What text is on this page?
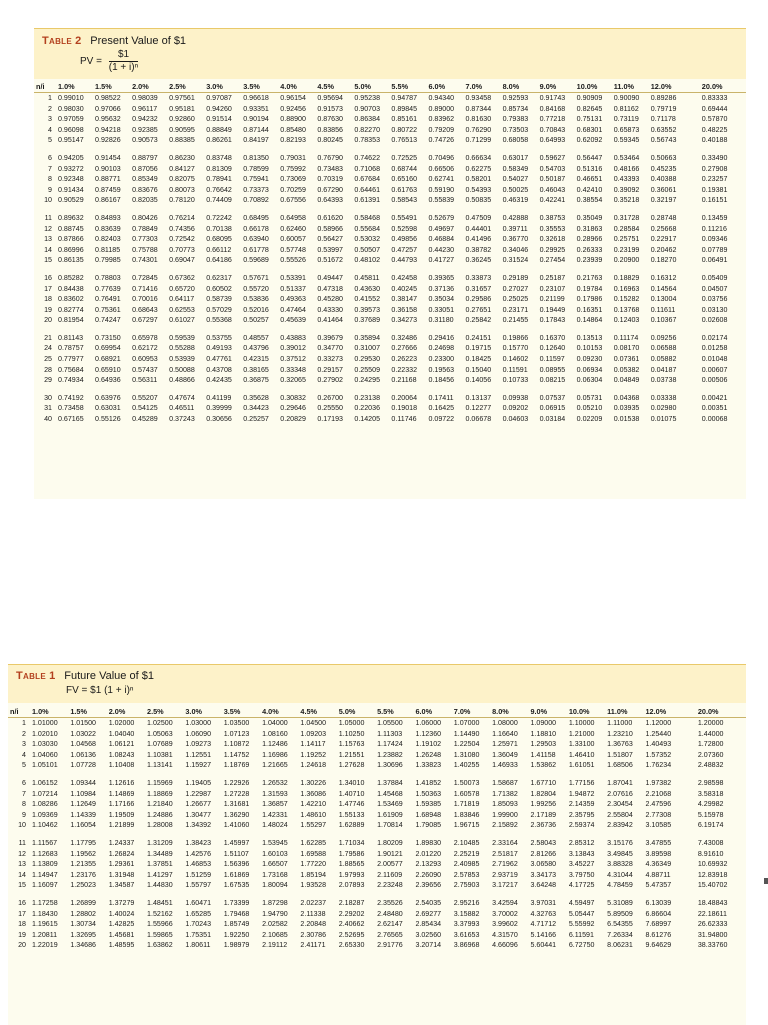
Table 2 Present Value of $1
PV = $\frac{\$1}{\text{(1 + i)ⁿ}}$
n/i	1.0%	1.5%	2.0%	2.5%	3.0%	3.5%	4.0%	4.5%	5.0%	5.5%	6.0%	7.0%	8.0%	9.0%	10.0%	11.0%	12.0%	20.0%
1	0.99010	0.98522	0.98039	0.97561	0.97087	0.96618	0.96154	0.95694	0.95238	0.94787	0.94340	0.93458	0.92593	0.91743	0.90909	0.90090	0.89286	0.83333
2	0.98030	0.97066	0.96117	0.95181	0.94260	0.93351	0.92456	0.91573	0.90703	0.89845	0.89000	0.87344	0.85734	0.84168	0.82645	0.81162	0.79719	0.69444
3	0.97059	0.95632	0.94232	0.92860	0.91514	0.90194	0.88900	0.87630	0.86384	0.85161	0.83962	0.81630	0.79383	0.77218	0.75131	0.73119	0.71178	0.57870
4	0.96098	0.94218	0.92385	0.90595	0.88849	0.87144	0.85480	0.83856	0.82270	0.80722	0.79209	0.76290	0.73503	0.70843	0.68301	0.65873	0.63552	0.48225
5	0.95147	0.92826	0.90573	0.88385	0.86261	0.84197	0.82193	0.80245	0.78353	0.76513	0.74726	0.71299	0.68058	0.64993	0.62092	0.59345	0.56743	0.40188

6	0.94205	0.91454	0.88797	0.86230	0.83748	0.81350	0.79031	0.76790	0.74622	0.72525	0.70496	0.66634	0.63017	0.59627	0.56447	0.53464	0.50663	0.33490
7	0.93272	0.90103	0.87056	0.84127	0.81309	0.78599	0.75992	0.73483	0.71068	0.68744	0.66506	0.62275	0.58349	0.54703	0.51316	0.48166	0.45235	0.27908
8	0.92348	0.88771	0.85349	0.82075	0.78941	0.75941	0.73069	0.70319	0.67684	0.65160	0.62741	0.58201	0.54027	0.50187	0.46651	0.43393	0.40388	0.23257
9	0.91434	0.87459	0.83676	0.80073	0.76642	0.73373	0.70259	0.67290	0.64461	0.61763	0.59190	0.54393	0.50025	0.46043	0.42410	0.39092	0.36061	0.19381
10	0.90529	0.86167	0.82035	0.78120	0.74409	0.70892	0.67556	0.64393	0.61391	0.58543	0.55839	0.50835	0.46319	0.42241	0.38554	0.35218	0.32197	0.16151

11	0.89632	0.84893	0.80426	0.76214	0.72242	0.68495	0.64958	0.61620	0.58468	0.55491	0.52679	0.47509	0.42888	0.38753	0.35049	0.31728	0.28748	0.13459
12	0.88745	0.83639	0.78849	0.74356	0.70138	0.66178	0.62460	0.58966	0.55684	0.52598	0.49697	0.44401	0.39711	0.35553	0.31863	0.28584	0.25668	0.11216
13	0.87866	0.82403	0.77303	0.72542	0.68095	0.63940	0.60057	0.56427	0.53032	0.49856	0.46884	0.41496	0.36770	0.32618	0.28966	0.25751	0.22917	0.09346
14	0.86996	0.81185	0.75788	0.70773	0.66112	0.61778	0.57748	0.53997	0.50507	0.47257	0.44230	0.38782	0.34046	0.29925	0.26333	0.23199	0.20462	0.07789
15	0.86135	0.79985	0.74301	0.69047	0.64186	0.59689	0.55526	0.51672	0.48102	0.44793	0.41727	0.36245	0.31524	0.27454	0.23939	0.20900	0.18270	0.06491

16	0.85282	0.78803	0.72845	0.67362	0.62317	0.57671	0.53391	0.49447	0.45811	0.42458	0.39365	0.33873	0.29189	0.25187	0.21763	0.18829	0.16312	0.05409
17	0.84438	0.77639	0.71416	0.65720	0.60502	0.55720	0.51337	0.47318	0.43630	0.40245	0.37136	0.31657	0.27027	0.23107	0.19784	0.16963	0.14564	0.04507
18	0.83602	0.76491	0.70016	0.64117	0.58739	0.53836	0.49363	0.45280	0.41552	0.38147	0.35034	0.29586	0.25025	0.21199	0.17986	0.15282	0.13004	0.03756
19	0.82774	0.75361	0.68643	0.62553	0.57029	0.52016	0.47464	0.43330	0.39573	0.36158	0.33051	0.27651	0.23171	0.19449	0.16351	0.13768	0.11611	0.03130
20	0.81954	0.74247	0.67297	0.61027	0.55368	0.50257	0.45639	0.41464	0.37689	0.34273	0.31180	0.25842	0.21455	0.17843	0.14864	0.12403	0.10367	0.02608

21	0.81143	0.73150	0.65978	0.59539	0.53755	0.48557	0.43883	0.39679	0.35894	0.32486	0.29416	0.24151	0.19866	0.16370	0.13513	0.11174	0.09256	0.02174
24	0.78757	0.69954	0.62172	0.55288	0.49193	0.43796	0.39012	0.34770	0.31007	0.27666	0.24698	0.19715	0.15770	0.12640	0.10153	0.08170	0.06588	0.01258
25	0.77977	0.68921	0.60953	0.53939	0.47761	0.42315	0.37512	0.33273	0.29530	0.26223	0.23300	0.18425	0.14602	0.11597	0.09230	0.07361	0.05882	0.01048
28	0.75684	0.65910	0.57437	0.50088	0.43708	0.38165	0.33348	0.29157	0.25509	0.22332	0.19563	0.15040	0.11591	0.08955	0.06934	0.05382	0.04187	0.00607
29	0.74934	0.64936	0.56311	0.48866	0.42435	0.36875	0.32065	0.27902	0.24295	0.21168	0.18456	0.14056	0.10733	0.08215	0.06304	0.04849	0.03738	0.00506

30	0.74192	0.63976	0.55207	0.47674	0.41199	0.35628	0.30832	0.26700	0.23138	0.20064	0.17411	0.13137	0.09938	0.07537	0.05731	0.04368	0.03338	0.00421
31	0.73458	0.63031	0.54125	0.46511	0.39999	0.34423	0.29646	0.25550	0.22036	0.19018	0.16425	0.12277	0.09202	0.06915	0.05210	0.03935	0.02980	0.00351
40	0.67165	0.55126	0.45289	0.37243	0.30656	0.25257	0.20829	0.17193	0.14205	0.11746	0.09722	0.06678	0.04603	0.03184	0.02209	0.01538	0.01075	0.00068
Table 1 Future Value of $1
FV = $1 (1 + i)ⁿ
n/i	1.0%	1.5%	2.0%	2.5%	3.0%	3.5%	4.0%	4.5%	5.0%	5.5%	6.0%	7.0%	8.0%	9.0%	10.0%	11.0%	12.0%	20.0%
1	1.01000	1.01500	1.02000	1.02500	1.03000	1.03500	1.04000	1.04500	1.05000	1.05500	1.06000	1.07000	1.08000	1.09000	1.10000	1.11000	1.12000	1.20000
2	1.02010	1.03022	1.04040	1.05063	1.06090	1.07123	1.08160	1.09203	1.10250	1.11303	1.12360	1.14490	1.16640	1.18810	1.21000	1.23210	1.25440	1.44000
3	1.03030	1.04568	1.06121	1.07689	1.09273	1.10872	1.12486	1.14117	1.15763	1.17424	1.19102	1.22504	1.25971	1.29503	1.33100	1.36763	1.40493	1.72800
4	1.04060	1.06136	1.08243	1.10381	1.12551	1.14752	1.16986	1.19252	1.21551	1.23882	1.26248	1.31080	1.36049	1.41158	1.46410	1.51807	1.57352	2.07360
5	1.05101	1.07728	1.10408	1.13141	1.15927	1.18769	1.21665	1.24618	1.27628	1.30696	1.33823	1.40255	1.46933	1.53862	1.61051	1.68506	1.76234	2.48832

6	1.06152	1.09344	1.12616	1.15969	1.19405	1.22926	1.26532	1.30226	1.34010	1.37884	1.41852	1.50073	1.58687	1.67710	1.77156	1.87041	1.97382	2.98598
7	1.07214	1.10984	1.14869	1.18869	1.22987	1.27228	1.31593	1.36086	1.40710	1.45468	1.50363	1.60578	1.71382	1.82804	1.94872	2.07616	2.21068	3.58318
8	1.08286	1.12649	1.17166	1.21840	1.26677	1.31681	1.36857	1.42210	1.47746	1.53469	1.59385	1.71819	1.85093	1.99256	2.14359	2.30454	2.47596	4.29982
9	1.09369	1.14339	1.19509	1.24886	1.30477	1.36290	1.42331	1.48610	1.55133	1.61909	1.68948	1.83846	1.99900	2.17189	2.35795	2.55804	2.77308	5.15978
10	1.10462	1.16054	1.21899	1.28008	1.34392	1.41060	1.48024	1.55297	1.62889	1.70814	1.79085	1.96715	2.15892	2.36736	2.59374	2.83942	3.10585	6.19174

11	1.11567	1.17795	1.24337	1.31209	1.38423	1.45997	1.53945	1.62285	1.71034	1.80209	1.89830	2.10485	2.33164	2.58043	2.85312	3.15176	3.47855	7.43008
12	1.12683	1.19562	1.26824	1.34489	1.42576	1.51107	1.60103	1.69588	1.79586	1.90121	2.01220	2.25219	2.51817	2.81266	3.13843	3.49845	3.89598	8.91610
13	1.13809	1.21355	1.29361	1.37851	1.46853	1.56396	1.66507	1.77220	1.88565	2.00577	2.13293	2.40985	2.71962	3.06580	3.45227	3.88328	4.36349	10.69932
14	1.14947	1.23176	1.31948	1.41297	1.51259	1.61869	1.73168	1.85194	1.97993	2.11609	2.26090	2.57853	2.93719	3.34173	3.79750	4.31044	4.88711	12.83918
15	1.16097	1.25023	1.34587	1.44830	1.55797	1.67535	1.80094	1.93528	2.07893	2.23248	2.39656	2.75903	3.17217	3.64248	4.17725	4.78459	5.47357	15.40702

16	1.17258	1.26899	1.37279	1.48451	1.60471	1.73399	1.87298	2.02237	2.18287	2.35526	2.54035	2.95216	3.42594	3.97031	4.59497	5.31089	6.13039	18.48843
17	1.18430	1.28802	1.40024	1.52162	1.65285	1.79468	1.94790	2.11338	2.29202	2.48480	2.69277	3.15882	3.70002	4.32763	5.05447	5.89509	6.86604	22.18611
18	1.19615	1.30734	1.42825	1.55966	1.70243	1.85749	2.02582	2.20848	2.40662	2.62147	2.85434	3.37993	3.99602	4.71712	5.55992	6.54355	7.68997	26.62333
19	1.20811	1.32695	1.45681	1.59865	1.75351	1.92250	2.10685	2.30786	2.52695	2.76565	3.02560	3.61653	4.31570	5.14166	6.11591	7.26334	8.61276	31.94800
20	1.22019	1.34686	1.48595	1.63862	1.80611	1.98979	2.19112	2.41171	2.65330	2.91776	3.20714	3.86968	4.66096	5.60441	6.72750	8.06231	9.64629	38.33760
